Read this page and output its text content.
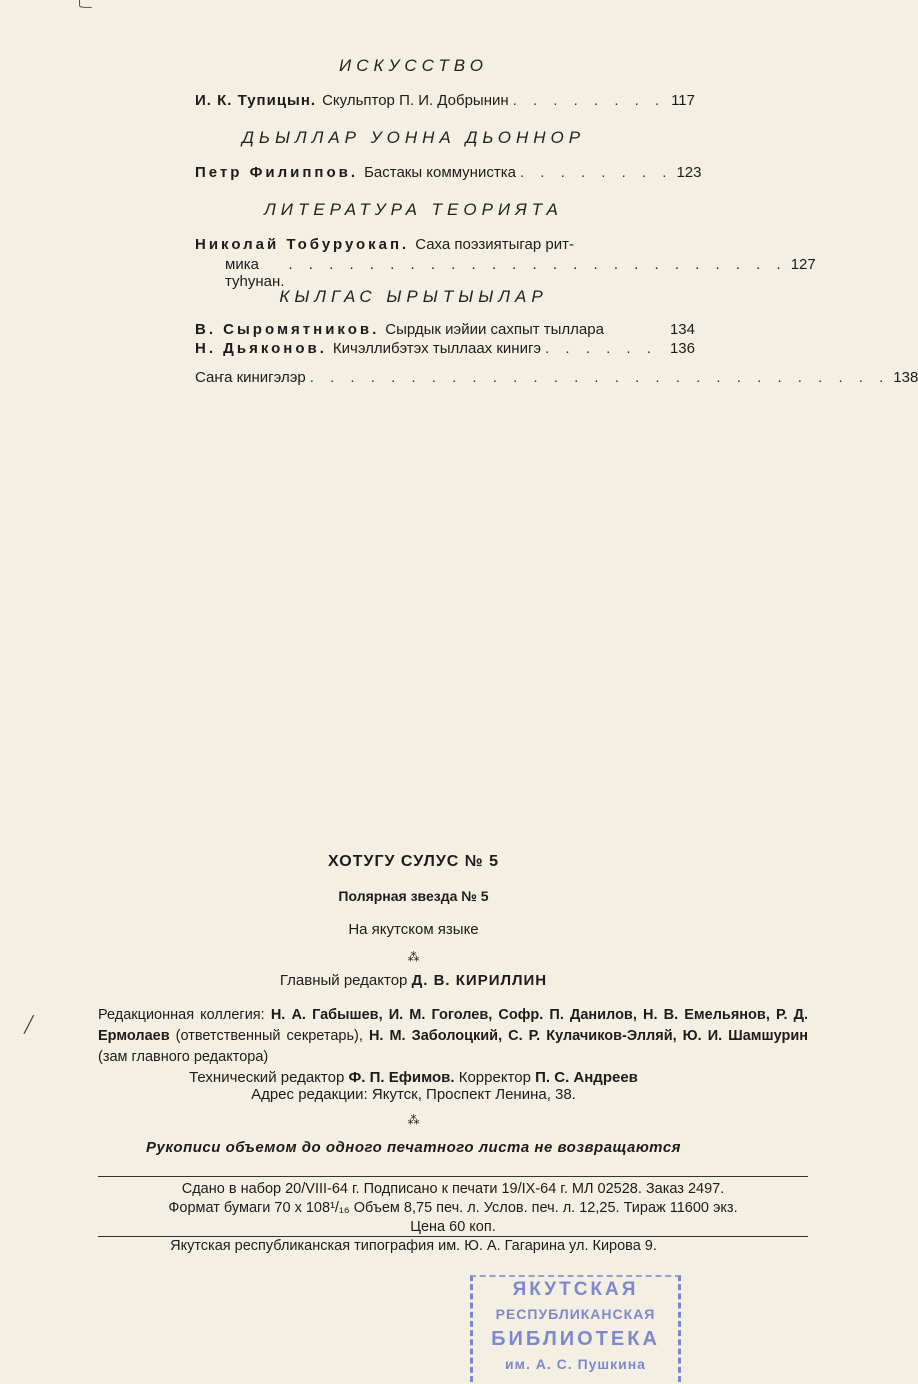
ИСКУССТВО
И. К. Тупицын. Скульптор П. И. Добрынин . . . . . . . . 117
ДЬЫЛЛАР УОННА ДЬОННОР
Петр Филиппов. Бастакы коммунистка . . . . . . . . 123
ЛИТЕРАТУРА ТЕОРИЯТА
Николай Тобуруокап. Саха поэзиятыгар рит-
мика туhунан.
. . . . . . . . . . . . . . . . . . . . . . . . . 127
КЫЛГАС ЫРЫТЫЫЛАР
В. Сыромятников. Сырдык иэйии сахпыт тыллара	134
Н. Дьяконов. Кичэллибэтэх тыллаах кинигэ . . . . . . 136
Саҥа кинигэлэр . . . . . . . . . . . . . . . . . . . . . . . . . . . . . 138
ХОТУГУ СУЛУС № 5
Полярная звезда № 5
На якутском языке
⁂
Главный редактор Д. В. КИРИЛЛИН
Редакционная коллегия: Н. А. Габышев, И. М. Гоголев, Софр. П. Данилов, Н. В. Емельянов, Р. Д. Ермолаев (ответственный секретарь), Н. М. Заболоцкий, С. Р. Кулачиков-Элляй, Ю. И. Шамшурин (зам главного редактора)
Технический редактор Ф. П. Ефимов. Корректор П. С. Андреев
Адрес редакции: Якутск, Проспект Ленина, 38.
⁂
Рукописи объемом до одного печатного листа не возвращаются
Сдано в набор 20/VIII-64 г. Подписано к печати 19/IX-64 г. МЛ 02528. Заказ 2497.
Формат бумаги 70 x 108¹/₁₆ Объем 8,75 печ. л. Услов. печ. л. 12,25. Тираж 11600 экз.
Цена 60 коп.
Якутская республиканская типография им. Ю. А. Гагарина ул. Кирова 9.
ЯКУТСКАЯ
РЕСПУБЛИКАНСКАЯ
БИБЛИОТЕКА
им. А. С. Пушкина
╰─
╱
